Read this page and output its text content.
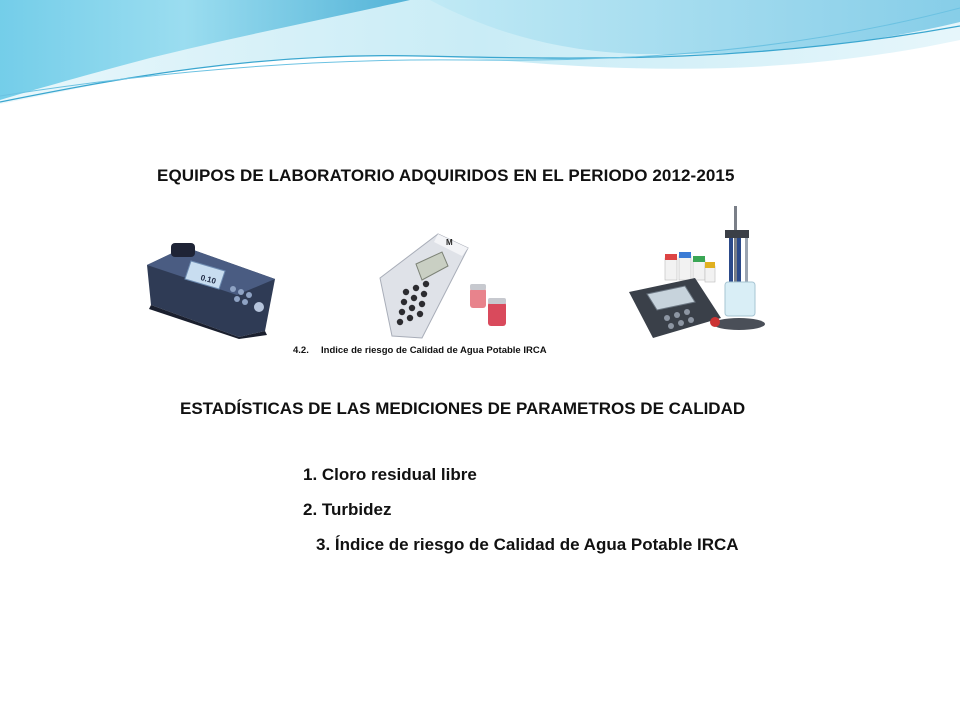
EQUIPOS DE LABORATORIO ADQUIRIDOS EN EL PERIODO 2012-2015
0.10
M
4.2. Indice de riesgo de Calidad de Agua Potable IRCA
ESTADÍSTICAS DE LAS MEDICIONES DE PARAMETROS DE CALIDAD
1. Cloro residual libre
2. Turbidez
3. Índice de riesgo de Calidad de Agua Potable IRCA
